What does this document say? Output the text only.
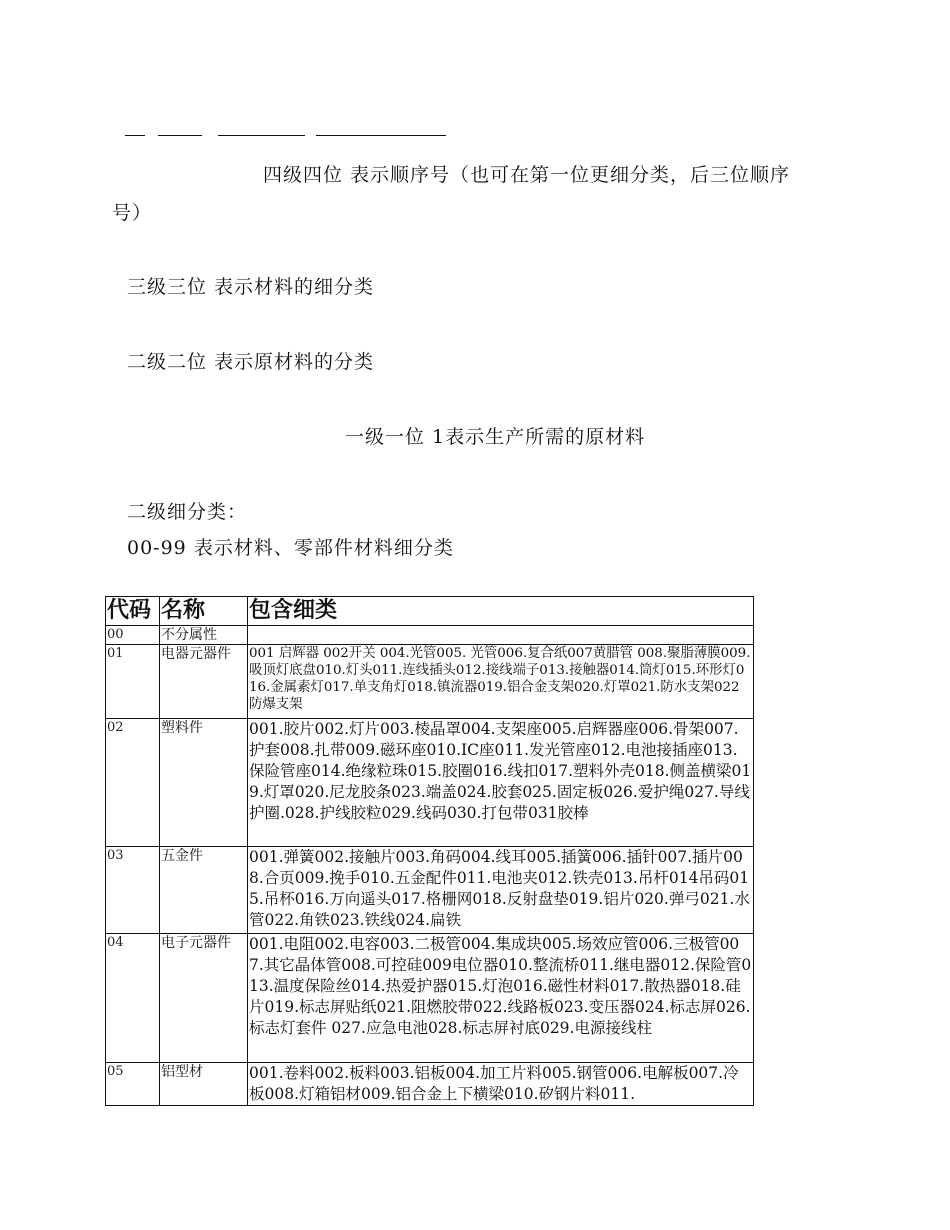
四级四位 表示顺序号（也可在第一位更细分类，后三位顺序
号）
三级三位 表示材料的细分类
二级二位 表示原材料的分类
一级一位 1表示生产所需的原材料
二级细分类：
00-99 表示材料、零部件材料细分类
代码	名称	包含细类
00	不分属性	
01	电器元器件	001 启辉器 002开关 004.光管005. 光管006.复合纸007黄腊管 008.聚脂薄膜009.吸顶灯底盘010.灯头011.连线插头012.接线端子013.接触器014.筒灯015.环形灯016.金属素灯017.单支角灯018.镇流器019.铝合金支架020.灯罩021.防水支架022防爆支架
02	塑料件	001.胶片002.灯片003.棱晶罩004.支架座005.启辉器座006.骨架007.护套008.扎带009.磁环座010.IC座011.发光管座012.电池接插座013.保险管座014.绝缘粒珠015.胶圈016.线扣017.塑料外壳018.侧盖横梁019.灯罩020.尼龙胶条023.端盖024.胶套025.固定板026.爱护绳027.导线护圈.028.护线胶粒029.线码030.打包带031胶棒
03	五金件	001.弹簧002.接触片003.角码004.线耳005.插簧006.插针007.插片008.合页009.挽手010.五金配件011.电池夹012.铁壳013.吊杆014吊码015.吊杯016.万向遥头017.格栅网018.反射盘垫019.铝片020.弹弓021.水管022.角铁023.铁线024.扁铁
04	电子元器件	001.电阻002.电容003.二极管004.集成块005.场效应管006.三极管007.其它晶体管008.可控硅009电位器010.整流桥011.继电器012.保险管013.温度保险丝014.热爱护器015.灯泡016.磁性材料017.散热器018.硅片019.标志屏贴纸021.阻燃胶带022.线路板023.变压器024.标志屏026.标志灯套件 027.应急电池028.标志屏衬底029.电源接线柱
05	铝型材	001.卷料002.板料003.铝板004.加工片料005.钢管006.电解板007.冷板008.灯箱铝材009.铝合金上下横梁010.矽钢片料011.
